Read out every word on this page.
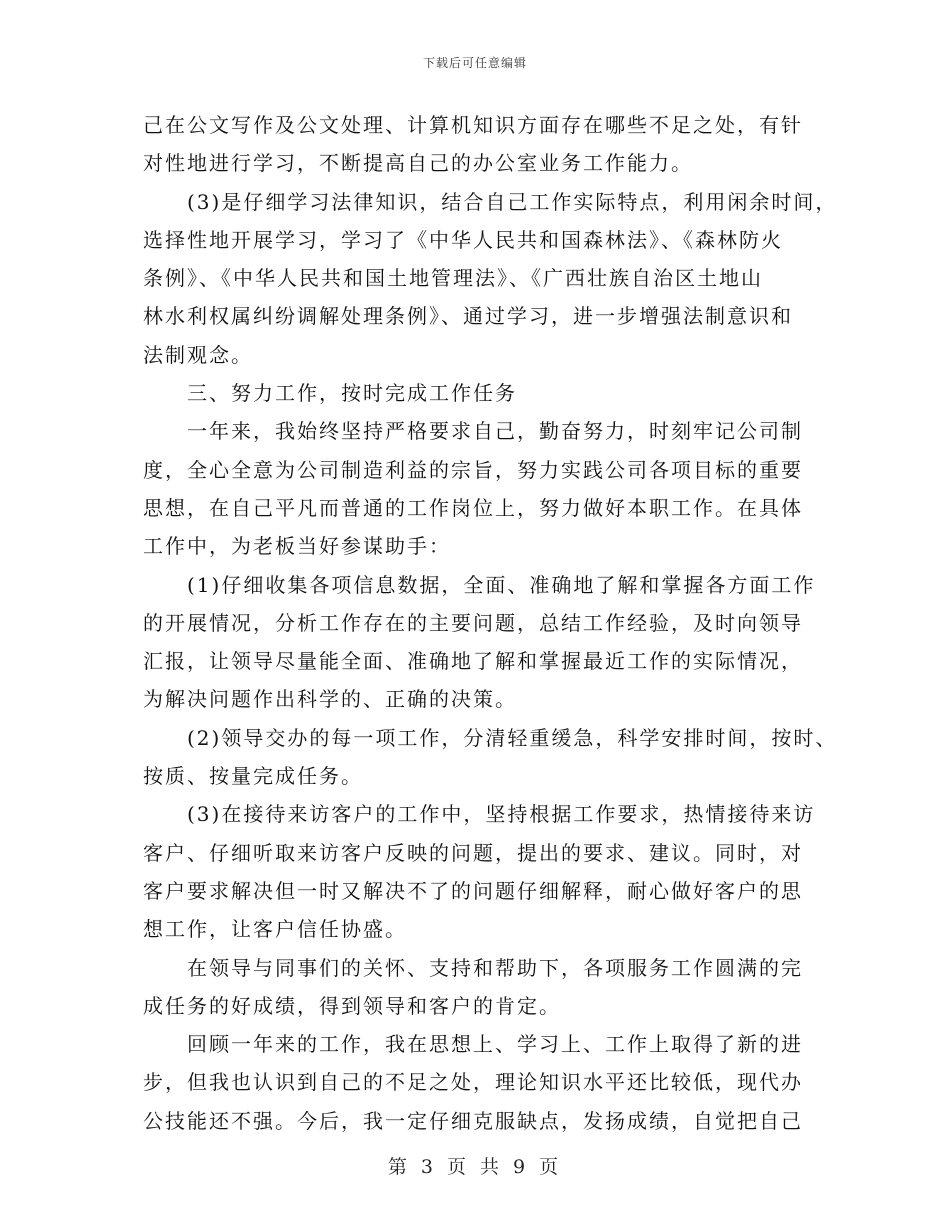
下载后可任意编辑
己在公文写作及公文处理、计算机知识方面存在哪些不足之处，有针
对性地进行学习，不断提高自己的办公室业务工作能力。
(3)是仔细学习法律知识，结合自己工作实际特点，利用闲余时间，
选择性地开展学习，学习了《中华人民共和国森林法》、《森林防火
条例》、《中华人民共和国土地管理法》、《广西壮族自治区土地山
林水利权属纠纷调解处理条例》、通过学习，进一步增强法制意识和
法制观念。
三、努力工作，按时完成工作任务
一年来，我始终坚持严格要求自己，勤奋努力，时刻牢记公司制
度，全心全意为公司制造利益的宗旨，努力实践公司各项目标的重要
思想，在自己平凡而普通的工作岗位上，努力做好本职工作。在具体
工作中，为老板当好参谋助手：
(1)仔细收集各项信息数据，全面、准确地了解和掌握各方面工作
的开展情况，分析工作存在的主要问题，总结工作经验，及时向领导
汇报，让领导尽量能全面、准确地了解和掌握最近工作的实际情况，
为解决问题作出科学的、正确的决策。
(2)领导交办的每一项工作，分清轻重缓急，科学安排时间，按时、
按质、按量完成任务。
(3)在接待来访客户的工作中，坚持根据工作要求，热情接待来访
客户、仔细听取来访客户反映的问题，提出的要求、建议。同时，对
客户要求解决但一时又解决不了的问题仔细解释，耐心做好客户的思
想工作，让客户信任协盛。
在领导与同事们的关怀、支持和帮助下，各项服务工作圆满的完
成任务的好成绩，得到领导和客户的肯定。
回顾一年来的工作，我在思想上、学习上、工作上取得了新的进
步，但我也认识到自己的不足之处，理论知识水平还比较低，现代办
公技能还不强。今后，我一定仔细克服缺点，发扬成绩，自觉把自己
第 3 页 共 9 页
